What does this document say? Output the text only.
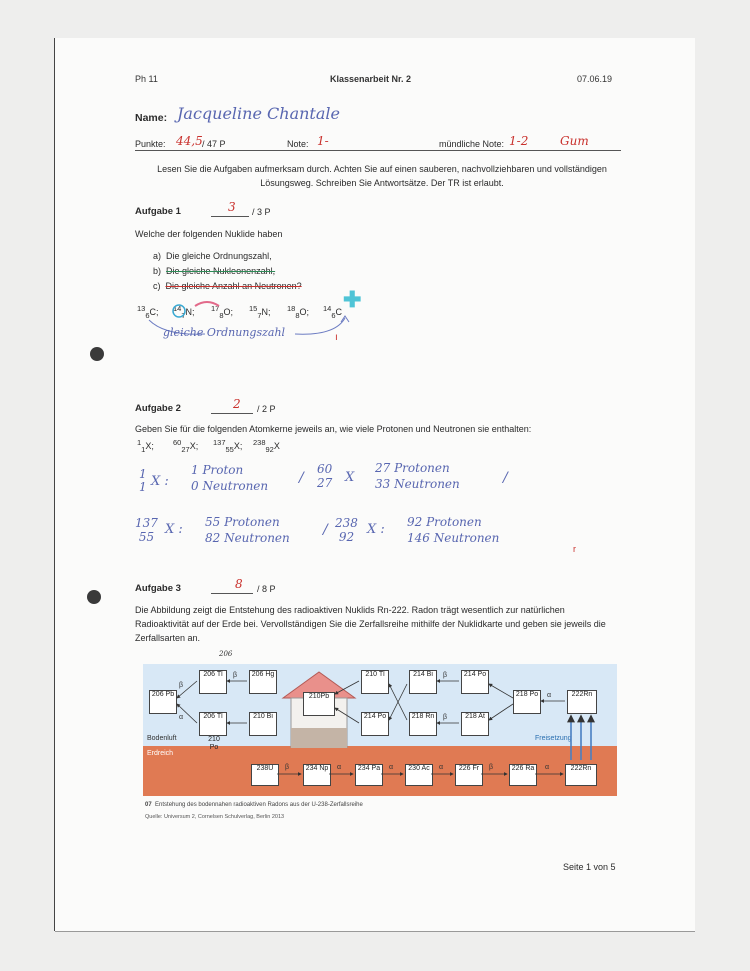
Ph 11	Klassenarbeit Nr. 2	07.06.19
Name: Jacqueline Chantale
Punkte: 44,5 / 47 P	Note: 1-	mündliche Note: 1-2	Gum
Lesen Sie die Aufgaben aufmerksam durch. Achten Sie auf einen sauberen, nachvollziehbaren und vollständigen Lösungsweg. Schreiben Sie Antwortsätze. Der TR ist erlaubt.
Aufgabe 1	3 / 3 P
Welche der folgenden Nuklide haben
a) Die gleiche Ordnungszahl,
b) Die gleiche Nukleonenzahl,
c) Die gleiche Anzahl an Neutronen?
$^{13}_6$C; $^{14}_7$N; $^{17}_8$O; $^{15}_7$N; $^{18}_8$O; $^{14}_6$C ✚
gleiche Ordnungszahl	ı
Aufgabe 2	2 / 2 P
Geben Sie für die folgenden Atomkerne jeweils an, wie viele Protonen und Neutronen sie enthalten:
$^1_1$X;	$^{60}_{27}$X; $^{137}_{55}$X; $^{238}_{92}$X
1
1 X :
1 Proton
0 Neutronen /
60
27 X
27 Protonen
33 Neutronen	/
137
55 X : 55 Protonen
82 Neutronen / 238
92 X : 92 Protonen
146 Neutronen
r
Aufgabe 3	8 / 8 P
Die Abbildung zeigt die Entstehung des radioaktiven Nuklids Rn-222. Radon trägt wesentlich zur natürlichen Radioaktivität auf der Erde bei. Vervollständigen Sie die Zerfallsreihe mithilfe der Nuklidkarte und geben sie jeweils die Zerfallsarten an.
Bodenluft
Erdreich
Freisetzung
210Pb
206
206 Pb
206 Tl	206 Hg	210 Tl	214 Bi	214 Po
218 Po	222Rn
206 Tl	210 Bi
210 Po
214 Po	218 Rn	218 At
238U	234 Np	234 Pa	230 Ac	226 Fr	226 Ra	222Rn
β	α	α	α	β	α
α
β
β
β
β
α
07 Entstehung des bodennahen radioaktiven Radons aus der U-238-Zerfallsreihe
Quelle: Universum 2, Cornelsen Schulverlag, Berlin 2013
Seite 1 von 5
